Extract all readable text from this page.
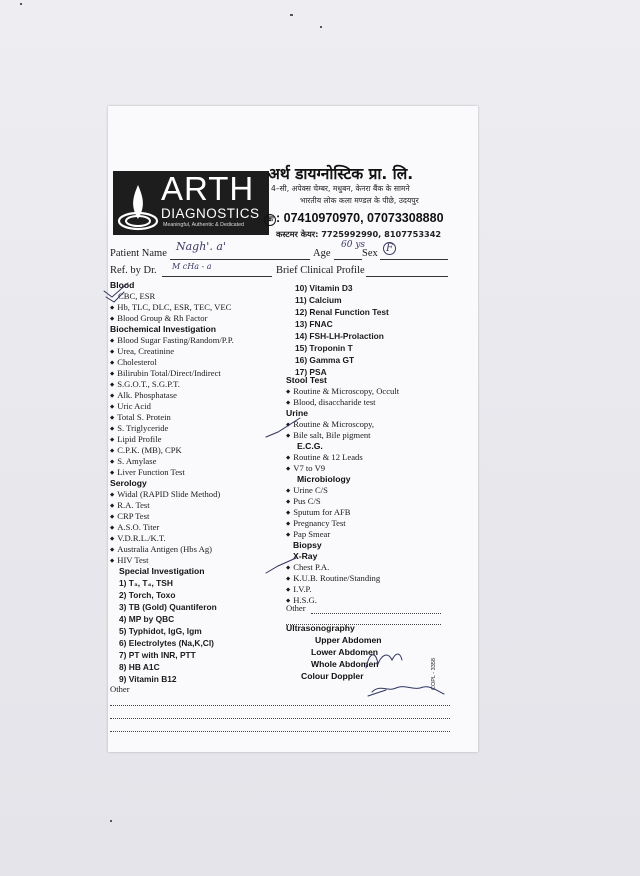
ARTH
DIAGNOSTICS
Meaningful, Authentic & Dedicated
अर्थ डायग्नोस्टिक प्रा. लि.
4–सी, अपेक्स चेम्बर, मधुबन, केनरा बैंक के सामने
भारतीय लोक कला मण्डल के पीछे, उदयपुर
☏ : 07410970970, 07073308880
कस्टमर केयर: 7725992990, 8107753342
Patient Name
Nagh'. a'
Age
60 ys
Sex F
Ref. by Dr. M cHa - a	Brief Clinical Profile
Blood
CBC, ESR
◆ Hb, TLC, DLC, ESR, TEC, VEC
◆ Blood Group & Rh Factor
Biochemical Investigation
◆ Blood Sugar Fasting/Random/P.P.
◆ Urea, Creatinine
◆ Cholesterol
◆ Bilirubin Total/Direct/Indirect
◆ S.G.O.T., S.G.P.T.
◆ Alk. Phosphatase
◆ Uric Acid
◆ Total S. Protein
◆ S. Triglyceride
◆ Lipid Profile
◆ C.P.K. (MB), CPK
◆ S. Amylase
◆ Liver Function Test
Serology
◆ Widal (RAPID Slide Method)
◆ R.A. Test
◆ CRP Test
◆ A.S.O. Titer
◆ V.D.R.L./K.T.
◆ Australia Antigen (Hbs Ag)
◆ HIV Test
Special Investigation
1) T₃, T₄, TSH
2) Torch, Toxo
3) TB (Gold) Quantiferon
4) MP by QBC
5) Typhidot, IgG, Igm
6) Electrolytes (Na,K,Cl)
7) PT with INR, PTT
8) HB A1C
9) Vitamin B12
Other
10) Vitamin D3
11) Calcium
12) Renal Function Test
13) FNAC
14) FSH-LH-Prolaction
15) Troponin T
16) Gamma GT
17) PSA
Stool Test
◆ Routine & Microscopy, Occult
◆ Blood, disaccharide test
Urine
◆ Routine & Microscopy,
◆ Bile salt, Bile pigment
E.C.G.
◆ Routine & 12 Leads
◆ V7 to V9
Microbiology
◆ Urine C/S
◆ Pus C/S
◆ Sputum for AFB
◆ Pregnancy Test
◆ Pap Smear
Biopsy
X-Ray
◆ Chest P.A.
◆ K.U.B. Routine/Standing
◆ I.V.P.
◆ H.S.G.
Other
Ultrasonography
Upper Abdomen
Lower Abdomen
Whole Abdomen
Colour Doppler	COPL - 3358
